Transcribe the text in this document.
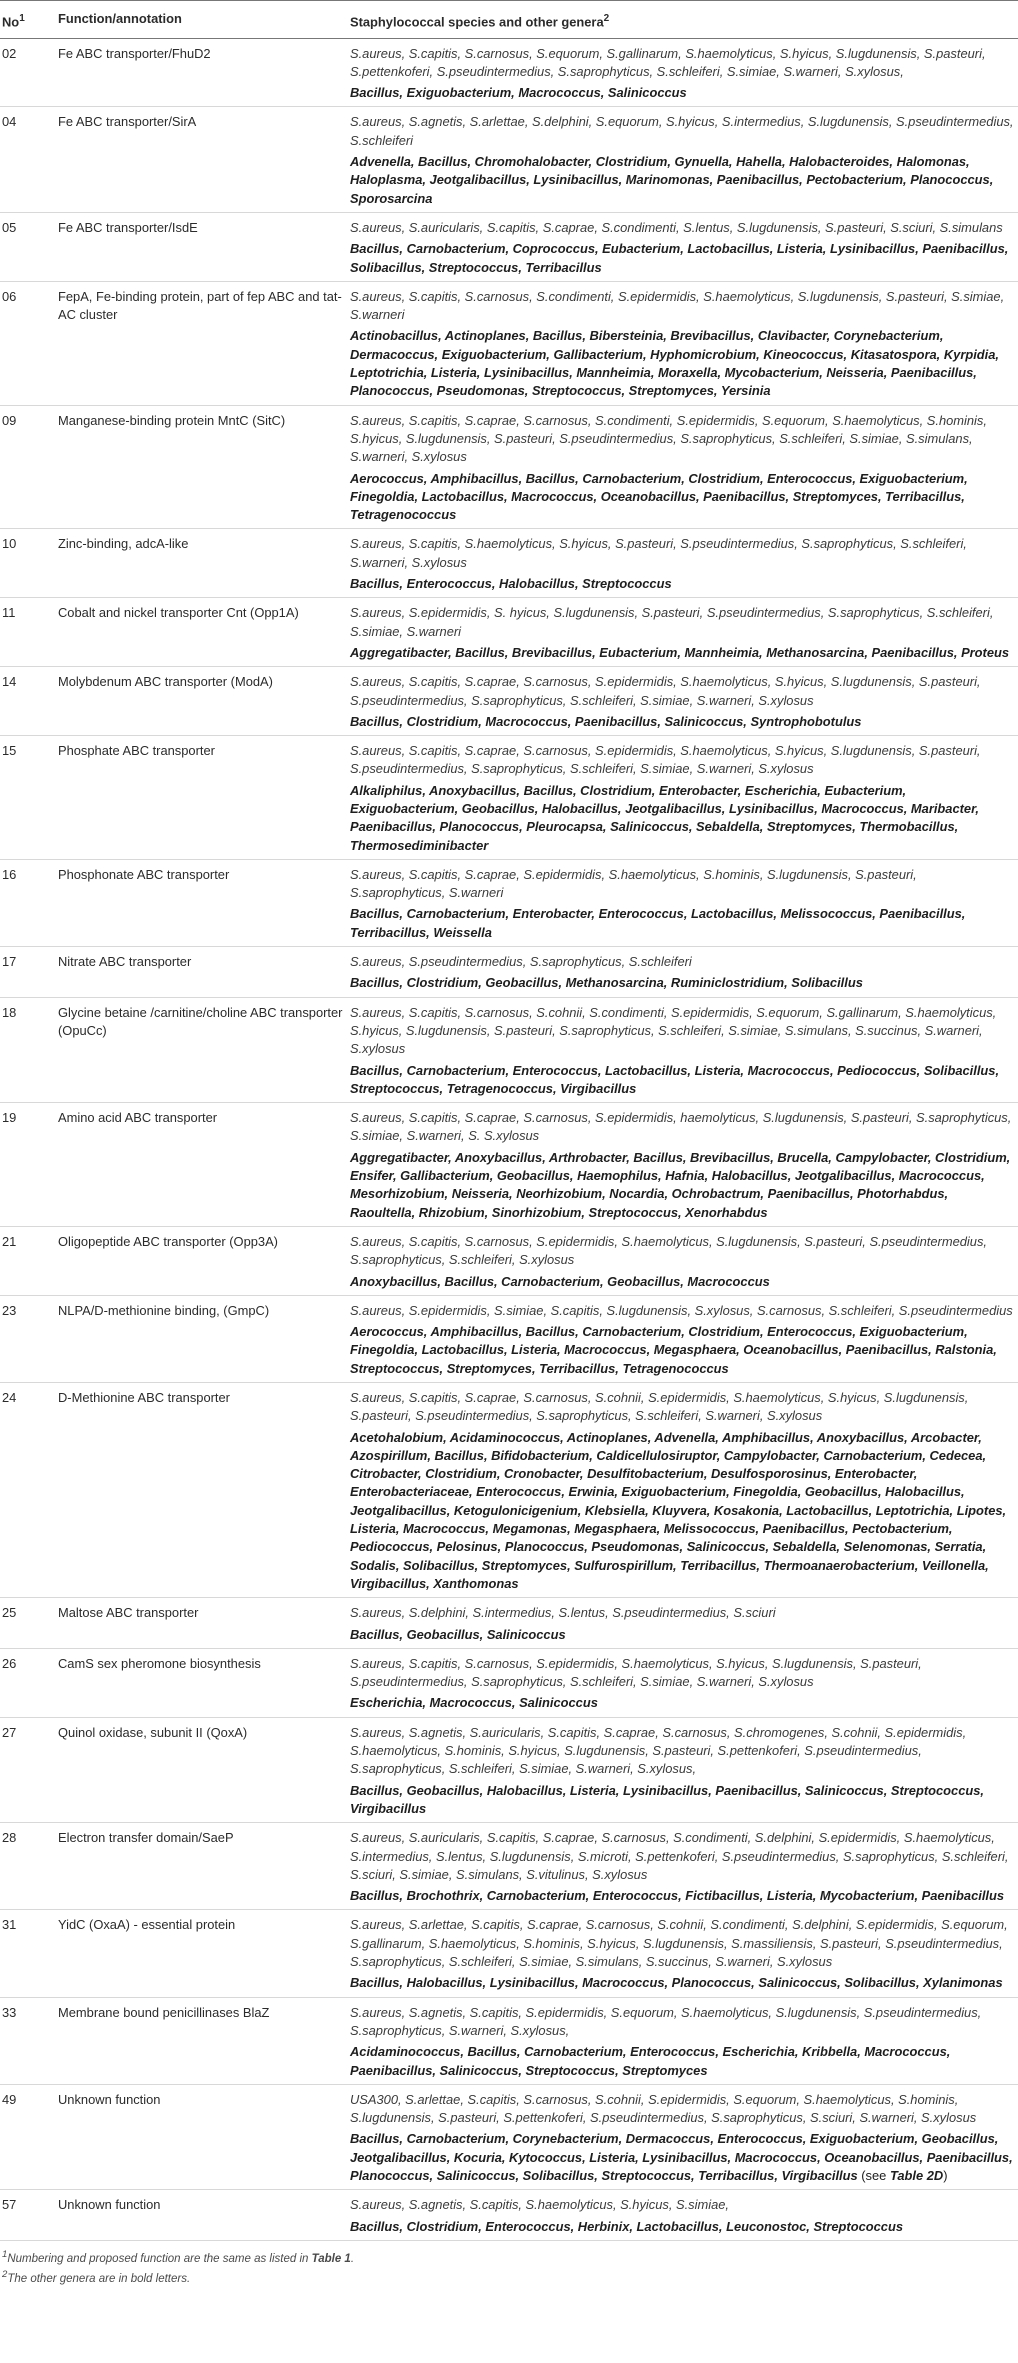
No$^1$	Function/annotation	Staphylococcal species and other genera$^2$
02	Fe ABC transporter/FhuD2	S.aureus, S.capitis, S.carnosus, S.equorum, S.gallinarum, S.haemolyticus, S.hyicus, S.lugdunensis, S.pasteuri, S.pettenkoferi, S.pseudintermedius, S.saprophyticus, S.schleiferi, S.simiae, S.warneri, S.xylosus,
Bacillus, Exiguobacterium, Macrococcus, Salinicoccus

04	Fe ABC transporter/SirA	S.aureus, S.agnetis, S.arlettae, S.delphini, S.equorum, S.hyicus, S.intermedius, S.lugdunensis, S.pseudintermedius, S.schleiferi
Advenella, Bacillus, Chromohalobacter, Clostridium, Gynuella, Hahella, Halobacteroides, Halomonas, Haloplasma, Jeotgalibacillus, Lysinibacillus, Marinomonas, Paenibacillus, Pectobacterium, Planococcus, Sporosarcina

05	Fe ABC transporter/IsdE	S.aureus, S.auricularis, S.capitis, S.caprae, S.condimenti, S.lentus, S.lugdunensis, S.pasteuri, S.sciuri, S.simulans
Bacillus, Carnobacterium, Coprococcus, Eubacterium, Lactobacillus, Listeria, Lysinibacillus, Paenibacillus, Solibacillus, Streptococcus, Terribacillus

06	FepA, Fe-binding protein, part of fep ABC and tat-AC cluster	S.aureus, S.capitis, S.carnosus, S.condimenti, S.epidermidis, S.haemolyticus, S.lugdunensis, S.pasteuri, S.simiae, S.warneri
Actinobacillus, Actinoplanes, Bacillus, Bibersteinia, Brevibacillus, Clavibacter, Corynebacterium, Dermacoccus, Exiguobacterium, Gallibacterium, Hyphomicrobium, Kineococcus, Kitasatospora, Kyrpidia, Leptotrichia, Listeria, Lysinibacillus, Mannheimia, Moraxella, Mycobacterium, Neisseria, Paenibacillus, Planococcus, Pseudomonas, Streptococcus, Streptomyces, Yersinia

09	Manganese-binding protein MntC (SitC)	S.aureus, S.capitis, S.caprae, S.carnosus, S.condimenti, S.epidermidis, S.equorum, S.haemolyticus, S.hominis, S.hyicus, S.lugdunensis, S.pasteuri, S.pseudintermedius, S.saprophyticus, S.schleiferi, S.simiae, S.simulans, S.warneri, S.xylosus
Aerococcus, Amphibacillus, Bacillus, Carnobacterium, Clostridium, Enterococcus, Exiguobacterium, Finegoldia, Lactobacillus, Macrococcus, Oceanobacillus, Paenibacillus, Streptomyces, Terribacillus, Tetragenococcus

10	Zinc-binding, adcA-like	S.aureus, S.capitis, S.haemolyticus, S.hyicus, S.pasteuri, S.pseudintermedius, S.saprophyticus, S.schleiferi, S.warneri, S.xylosus
Bacillus, Enterococcus, Halobacillus, Streptococcus

11	Cobalt and nickel transporter Cnt (Opp1A)	S.aureus, S.epidermidis, S. hyicus, S.lugdunensis, S.pasteuri, S.pseudintermedius, S.saprophyticus, S.schleiferi, S.simiae, S.warneri
Aggregatibacter, Bacillus, Brevibacillus, Eubacterium, Mannheimia, Methanosarcina, Paenibacillus, Proteus

14	Molybdenum ABC transporter (ModA)	S.aureus, S.capitis, S.caprae, S.carnosus, S.epidermidis, S.haemolyticus, S.hyicus, S.lugdunensis, S.pasteuri, S.pseudintermedius, S.saprophyticus, S.schleiferi, S.simiae, S.warneri, S.xylosus
Bacillus, Clostridium, Macrococcus, Paenibacillus, Salinicoccus, Syntrophobotulus

15	Phosphate ABC transporter	S.aureus, S.capitis, S.caprae, S.carnosus, S.epidermidis, S.haemolyticus, S.hyicus, S.lugdunensis, S.pasteuri, S.pseudintermedius, S.saprophyticus, S.schleiferi, S.simiae, S.warneri, S.xylosus
Alkaliphilus, Anoxybacillus, Bacillus, Clostridium, Enterobacter, Escherichia, Eubacterium, Exiguobacterium, Geobacillus, Halobacillus, Jeotgalibacillus, Lysinibacillus, Macrococcus, Maribacter, Paenibacillus, Planococcus, Pleurocapsa, Salinicoccus, Sebaldella, Streptomyces, Thermobacillus, Thermosediminibacter

16	Phosphonate ABC transporter	S.aureus, S.capitis, S.caprae, S.epidermidis, S.haemolyticus, S.hominis, S.lugdunensis, S.pasteuri, S.saprophyticus, S.warneri
Bacillus, Carnobacterium, Enterobacter, Enterococcus, Lactobacillus, Melissococcus, Paenibacillus, Terribacillus, Weissella

17	Nitrate ABC transporter	S.aureus, S.pseudintermedius, S.saprophyticus, S.schleiferi
Bacillus, Clostridium, Geobacillus, Methanosarcina, Ruminiclostridium, Solibacillus

18	Glycine betaine /carnitine/choline ABC transporter (OpuCc)	S.aureus, S.capitis, S.carnosus, S.cohnii, S.condimenti, S.epidermidis, S.equorum, S.gallinarum, S.haemolyticus, S.hyicus, S.lugdunensis, S.pasteuri, S.saprophyticus, S.schleiferi, S.simiae, S.simulans, S.succinus, S.warneri, S.xylosus
Bacillus, Carnobacterium, Enterococcus, Lactobacillus, Listeria, Macrococcus, Pediococcus, Solibacillus, Streptococcus, Tetragenococcus, Virgibacillus

19	Amino acid ABC transporter	S.aureus, S.capitis, S.caprae, S.carnosus, S.epidermidis, haemolyticus, S.lugdunensis, S.pasteuri, S.saprophyticus, S.simiae, S.warneri, S. S.xylosus
Aggregatibacter, Anoxybacillus, Arthrobacter, Bacillus, Brevibacillus, Brucella, Campylobacter, Clostridium, Ensifer, Gallibacterium, Geobacillus, Haemophilus, Hafnia, Halobacillus, Jeotgalibacillus, Macrococcus, Mesorhizobium, Neisseria, Neorhizobium, Nocardia, Ochrobactrum, Paenibacillus, Photorhabdus, Raoultella, Rhizobium, Sinorhizobium, Streptococcus, Xenorhabdus

21	Oligopeptide ABC transporter (Opp3A)	S.aureus, S.capitis, S.carnosus, S.epidermidis, S.haemolyticus, S.lugdunensis, S.pasteuri, S.pseudintermedius, S.saprophyticus, S.schleiferi, S.xylosus
Anoxybacillus, Bacillus, Carnobacterium, Geobacillus, Macrococcus

23	NLPA/D-methionine binding, (GmpC)	S.aureus, S.epidermidis, S.simiae, S.capitis, S.lugdunensis, S.xylosus, S.carnosus, S.schleiferi, S.pseudintermedius
Aerococcus, Amphibacillus, Bacillus, Carnobacterium, Clostridium, Enterococcus, Exiguobacterium, Finegoldia, Lactobacillus, Listeria, Macrococcus, Megasphaera, Oceanobacillus, Paenibacillus, Ralstonia, Streptococcus, Streptomyces, Terribacillus, Tetragenococcus

24	D-Methionine ABC transporter	S.aureus, S.capitis, S.caprae, S.carnosus, S.cohnii, S.epidermidis, S.haemolyticus, S.hyicus, S.lugdunensis, S.pasteuri, S.pseudintermedius, S.saprophyticus, S.schleiferi, S.warneri, S.xylosus
Acetohalobium, Acidaminococcus, Actinoplanes, Advenella, Amphibacillus, Anoxybacillus, Arcobacter, Azospirillum, Bacillus, Bifidobacterium, Caldicellulosiruptor, Campylobacter, Carnobacterium, Cedecea, Citrobacter, Clostridium, Cronobacter, Desulfitobacterium, Desulfosporosinus, Enterobacter, Enterobacteriaceae, Enterococcus, Erwinia, Exiguobacterium, Finegoldia, Geobacillus, Halobacillus, Jeotgalibacillus, Ketogulonicigenium, Klebsiella, Kluyvera, Kosakonia, Lactobacillus, Leptotrichia, Lipotes, Listeria, Macrococcus, Megamonas, Megasphaera, Melissococcus, Paenibacillus, Pectobacterium, Pediococcus, Pelosinus, Planococcus, Pseudomonas, Salinicoccus, Sebaldella, Selenomonas, Serratia, Sodalis, Solibacillus, Streptomyces, Sulfurospirillum, Terribacillus, Thermoanaerobacterium, Veillonella, Virgibacillus, Xanthomonas

25	Maltose ABC transporter	S.aureus, S.delphini, S.intermedius, S.lentus, S.pseudintermedius, S.sciuri
Bacillus, Geobacillus, Salinicoccus

26	CamS sex pheromone biosynthesis	S.aureus, S.capitis, S.carnosus, S.epidermidis, S.haemolyticus, S.hyicus, S.lugdunensis, S.pasteuri, S.pseudintermedius, S.saprophyticus, S.schleiferi, S.simiae, S.warneri, S.xylosus
Escherichia, Macrococcus, Salinicoccus

27	Quinol oxidase, subunit II (QoxA)	S.aureus, S.agnetis, S.auricularis, S.capitis, S.caprae, S.carnosus, S.chromogenes, S.cohnii, S.epidermidis, S.haemolyticus, S.hominis, S.hyicus, S.lugdunensis, S.pasteuri, S.pettenkoferi, S.pseudintermedius, S.saprophyticus, S.schleiferi, S.simiae, S.warneri, S.xylosus,
Bacillus, Geobacillus, Halobacillus, Listeria, Lysinibacillus, Paenibacillus, Salinicoccus, Streptococcus, Virgibacillus

28	Electron transfer domain/SaeP	S.aureus, S.auricularis, S.capitis, S.caprae, S.carnosus, S.condimenti, S.delphini, S.epidermidis, S.haemolyticus, S.intermedius, S.lentus, S.lugdunensis, S.microti, S.pettenkoferi, S.pseudintermedius, S.saprophyticus, S.schleiferi, S.sciuri, S.simiae, S.simulans, S.vitulinus, S.xylosus
Bacillus, Brochothrix, Carnobacterium, Enterococcus, Fictibacillus, Listeria, Mycobacterium, Paenibacillus

31	YidC (OxaA) - essential protein	S.aureus, S.arlettae, S.capitis, S.caprae, S.carnosus, S.cohnii, S.condimenti, S.delphini, S.epidermidis, S.equorum, S.gallinarum, S.haemolyticus, S.hominis, S.hyicus, S.lugdunensis, S.massiliensis, S.pasteuri, S.pseudintermedius, S.saprophyticus, S.schleiferi, S.simiae, S.simulans, S.succinus, S.warneri, S.xylosus
Bacillus, Halobacillus, Lysinibacillus, Macrococcus, Planococcus, Salinicoccus, Solibacillus, Xylanimonas

33	Membrane bound penicillinases BlaZ	S.aureus, S.agnetis, S.capitis, S.epidermidis, S.equorum, S.haemolyticus, S.lugdunensis, S.pseudintermedius, S.saprophyticus, S.warneri, S.xylosus,
Acidaminococcus, Bacillus, Carnobacterium, Enterococcus, Escherichia, Kribbella, Macrococcus, Paenibacillus, Salinicoccus, Streptococcus, Streptomyces

49	Unknown function	USA300, S.arlettae, S.capitis, S.carnosus, S.cohnii, S.epidermidis, S.equorum, S.haemolyticus, S.hominis, S.lugdunensis, S.pasteuri, S.pettenkoferi, S.pseudintermedius, S.saprophyticus, S.sciuri, S.warneri, S.xylosus
Bacillus, Carnobacterium, Corynebacterium, Dermacoccus, Enterococcus, Exiguobacterium, Geobacillus, Jeotgalibacillus, Kocuria, Kytococcus, Listeria, Lysinibacillus, Macrococcus, Oceanobacillus, Paenibacillus, Planococcus, Salinicoccus, Solibacillus, Streptococcus, Terribacillus, Virgibacillus (see Table 2D)

57	Unknown function	S.aureus, S.agnetis, S.capitis, S.haemolyticus, S.hyicus, S.simiae,
Bacillus, Clostridium, Enterococcus, Herbinix, Lactobacillus, Leuconostoc, Streptococcus
$^1$Numbering and proposed function are the same as listed in Table 1.
$^2$The other genera are in bold letters.
